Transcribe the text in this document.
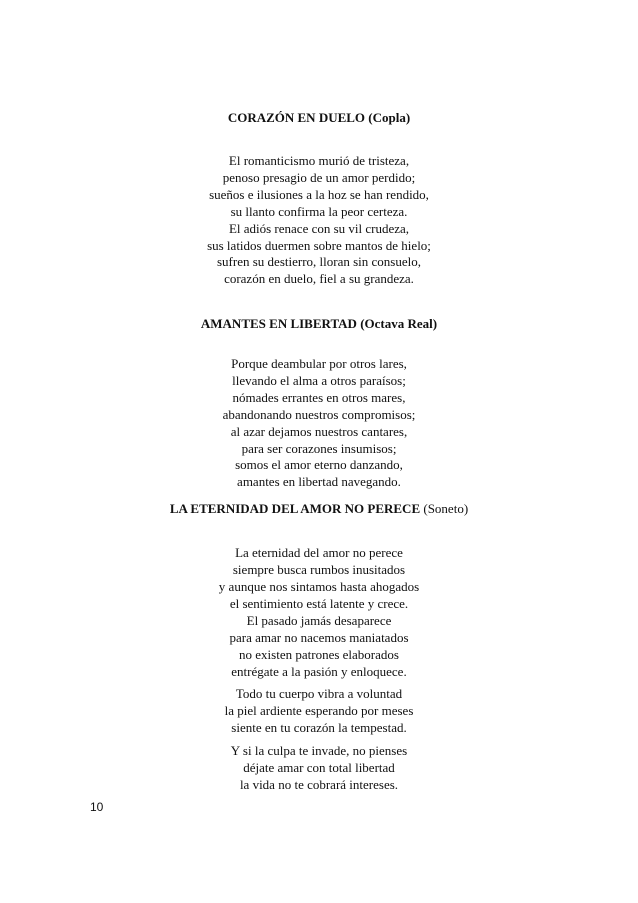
CORAZÓN EN DUELO (Copla)
El romanticismo murió de tristeza,
penoso presagio de un amor perdido;
sueños e ilusiones a la hoz se han rendido,
su llanto confirma la peor certeza.
El adiós renace con su vil crudeza,
sus latidos duermen sobre mantos de hielo;
sufren su destierro, lloran sin consuelo,
corazón en duelo, fiel a su grandeza.
AMANTES EN LIBERTAD (Octava Real)
Porque deambular por otros lares,
llevando el alma a otros paraísos;
nómades errantes en otros mares,
abandonando nuestros compromisos;
al azar dejamos nuestros cantares,
para ser corazones insumisos;
somos el amor eterno danzando,
amantes en libertad navegando.
LA ETERNIDAD DEL AMOR NO PERECE (Soneto)
La eternidad del amor no perece
siempre busca rumbos inusitados
y aunque nos sintamos hasta ahogados
el sentimiento está latente y crece.
El pasado jamás desaparece
para amar no nacemos maniatados
no existen patrones elaborados
entrégate a la pasión y enloquece.
Todo tu cuerpo vibra a voluntad
la piel ardiente esperando por meses
siente en tu corazón la tempestad.
Y si la culpa te invade, no pienses
déjate amar con total libertad
la vida no te cobrará intereses.
10
